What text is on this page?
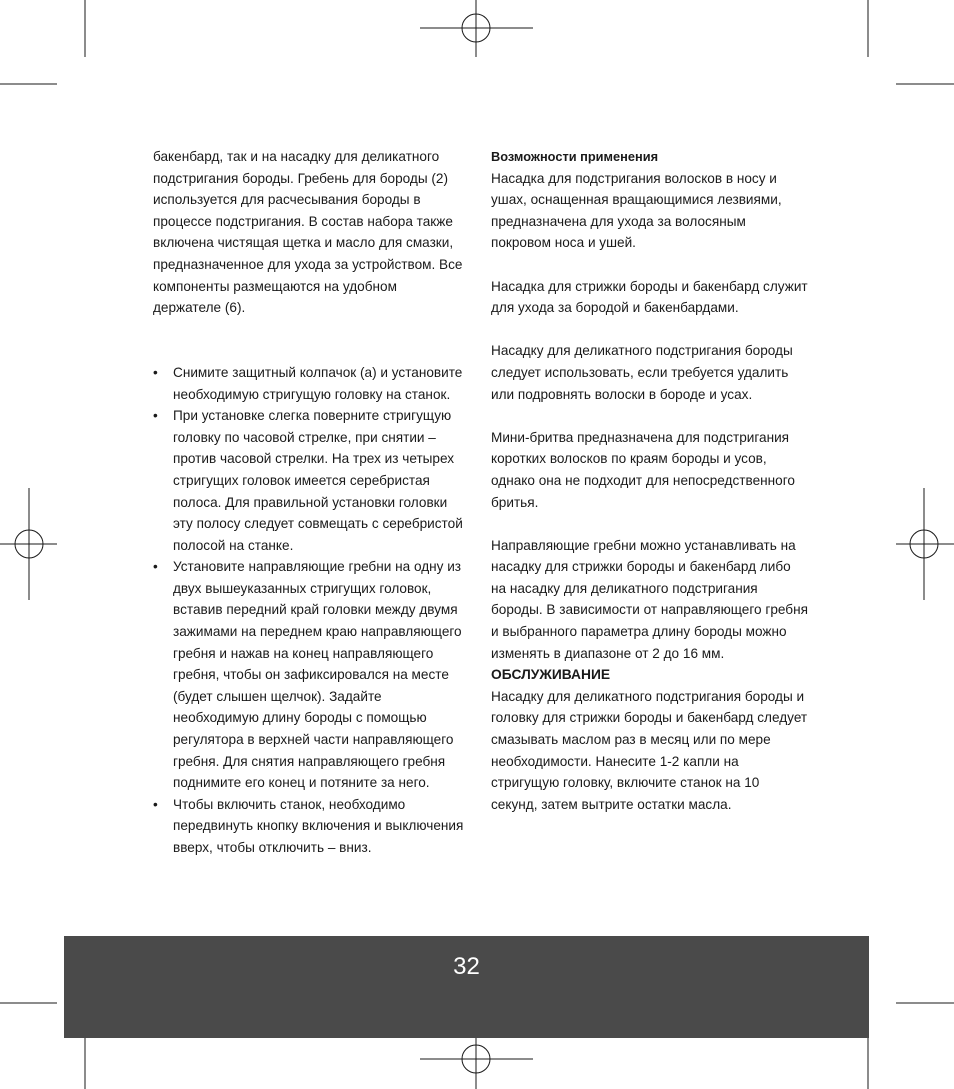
бакенбард, так и на насадку для деликатного подстригания бороды. Гребень для бороды (2) используется для расчесывания бороды в процессе подстригания. В состав набора также включена чистящая щетка и масло для смазки, предназначенное для ухода за устройством. Все компоненты размещаются на удобном держателе (6).

• Снимите защитный колпачок (a) и установите необходимую стригущую головку на станок.
• При установке слегка поверните стригущую головку по часовой стрелке, при снятии – против часовой стрелки. На трех из четырех стригущих головок имеется серебристая полоса. Для правильной установки головки эту полосу следует совмещать с серебристой полосой на станке.
• Установите направляющие гребни на одну из двух вышеуказанных стригущих головок, вставив передний край головки между двумя зажимами на переднем краю направляющего гребня и нажав на конец направляющего гребня, чтобы он зафиксировался на месте (будет слышен щелчок). Задайте необходимую длину бороды с помощью регулятора в верхней части направляющего гребня. Для снятия направляющего гребня поднимите его конец и потяните за него.
• Чтобы включить станок, необходимо передвинуть кнопку включения и выключения вверх, чтобы отключить – вниз.

Возможности применения

Насадка для подстригания волосков в носу и ушах, оснащенная вращающимися лезвиями, предназначена для ухода за волосяным покровом носа и ушей.

Насадка для стрижки бороды и бакенбард служит для ухода за бородой и бакенбардами.

Насадку для деликатного подстригания бороды следует использовать, если требуется удалить или подровнять волоски в бороде и усах.

Мини-бритва предназначена для подстригания коротких волосков по краям бороды и усов, однако она не подходит для непосредственного бритья.

Направляющие гребни можно устанавливать на насадку для стрижки бороды и бакенбард либо на насадку для деликатного подстригания бороды. В зависимости от направляющего гребня и выбранного параметра длину бороды можно изменять в диапазоне от 2 до 16 мм.

ОБСЛУЖИВАНИЕ

Насадку для деликатного подстригания бороды и головку для стрижки бороды и бакенбард следует смазывать маслом раз в месяц или по мере необходимости. Нанесите 1-2 капли на стригущую головку, включите станок на 10 секунд, затем вытрите остатки масла.

32
